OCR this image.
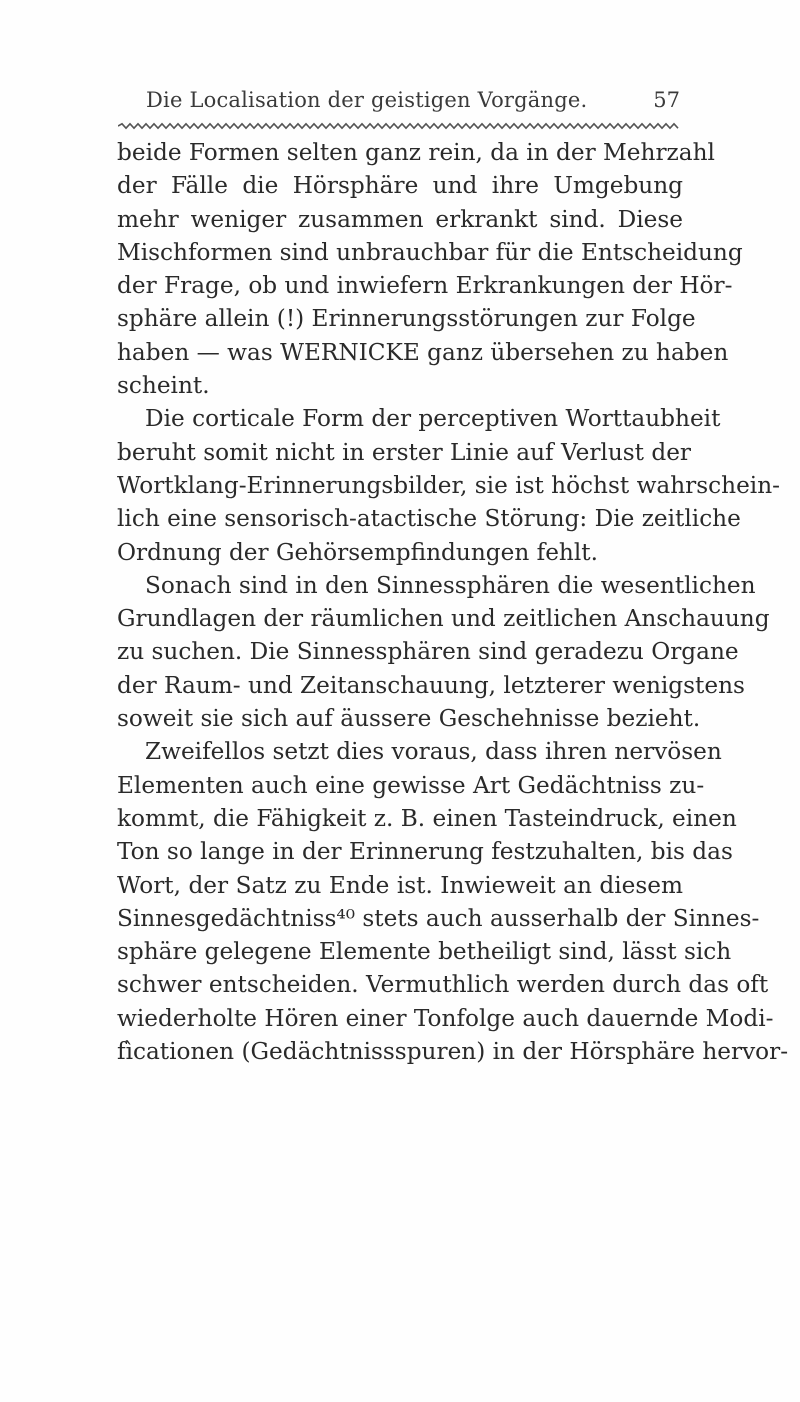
Die Localisation der geistigen Vorgänge.	57
beide Formen selten ganz rein, da in der Mehrzahl
der Fälle die Hörsphäre und ihre Umgebung
mehr weniger zusammen erkrankt sind. Diese
Mischformen sind unbrauchbar für die Entscheidung
der Frage, ob und inwiefern Erkrankungen der Hör-
sphäre allein (!) Erinnerungsstörungen zur Folge
haben — was WERNICKE ganz übersehen zu haben
scheint.
Die corticale Form der perceptiven Worttaubheit
beruht somit nicht in erster Linie auf Verlust der
Wortklang-Erinnerungsbilder, sie ist höchst wahrschein-
lich eine sensorisch-atactische Störung: Die zeitliche
Ordnung der Gehörsempfindungen fehlt.
Sonach sind in den Sinnessphären die wesentlichen
Grundlagen der räumlichen und zeitlichen Anschauung
zu suchen. Die Sinnessphären sind geradezu Organe
der Raum- und Zeitanschauung, letzterer wenigstens
soweit sie sich auf äussere Geschehnisse bezieht.
Zweifellos setzt dies voraus, dass ihren nervösen
Elementen auch eine gewisse Art Gedächtniss zu-
kommt, die Fähigkeit z. B. einen Tasteindruck, einen
Ton so lange in der Erinnerung festzuhalten, bis das
Wort, der Satz zu Ende ist. Inwieweit an diesem
Sinnesgedächtniss⁴⁰ stets auch ausserhalb der Sinnes-
sphäre gelegene Elemente betheiligt sind, lässt sich
schwer entscheiden. Vermuthlich werden durch das oft
wiederholte Hören einer Tonfolge auch dauernde Modi-
fìcationen (Gedächtnissspuren) in der Hörsphäre hervor-
